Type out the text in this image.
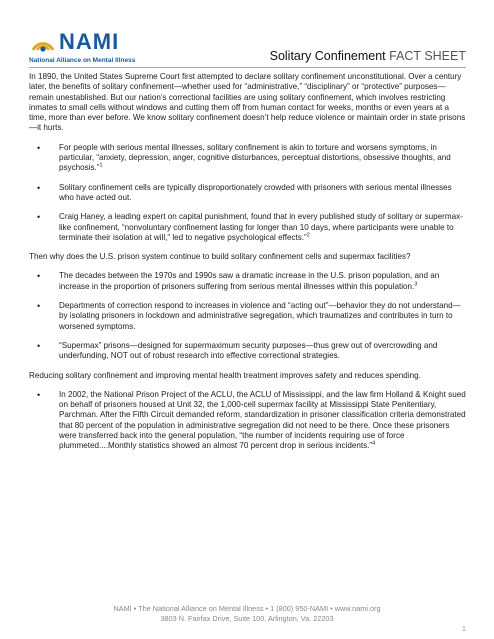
NAMI
National Alliance on Mental Illness	Solitary Confinement FACT SHEET

In 1890, the United States Supreme Court first attempted to declare solitary confinement unconstitutional. Over a century later, the benefits of solitary confinement—whether used for “administrative,” “disciplinary” or “protective” purposes—remain unestablished. But our nation’s correctional facilities are using solitary confinement, which involves restricting inmates to small cells without windows and cutting them off from human contact for weeks, months or even years at a time, more than ever before. We know solitary confinement doesn’t help reduce violence or maintain order in state prisons—it hurts.

• For people with serious mental illnesses, solitary confinement is akin to torture and worsens symptoms, in particular, “anxiety, depression, anger, cognitive disturbances, perceptual distortions, obsessive thoughts, and psychosis.”$^1$
• Solitary confinement cells are typically disproportionately crowded with prisoners with serious mental illnesses who have acted out.
• Craig Haney, a leading expert on capital punishment, found that in every published study of solitary or supermax-like confinement, “nonvoluntary confinement lasting for longer than 10 days, where participants were unable to terminate their isolation at will,” led to negative psychological effects.”$^2$

Then why does the U.S. prison system continue to build solitary confinement cells and supermax facilities?

• The decades between the 1970s and 1990s saw a dramatic increase in the U.S. prison population, and an increase in the proportion of prisoners suffering from serious mental illnesses within this population.$^3$
• Departments of correction respond to increases in violence and “acting out”—behavior they do not understand—by isolating prisoners in lockdown and administrative segregation, which traumatizes and contributes in turn to worsened symptoms.
• “Supermax” prisons—designed for supermaximum security purposes—thus grew out of overcrowding and underfunding, NOT out of robust research into effective correctional strategies.

Reducing solitary confinement and improving mental health treatment improves safety and reduces spending.

• In 2002, the National Prison Project of the ACLU, the ACLU of Mississippi, and the law firm Holland & Knight sued on behalf of prisoners housed at Unit 32, the 1,000-cell supermax facility at Mississippi State Penitentiary, Parchman. After the Fifth Circuit demanded reform, standardization in prisoner classification criteria demonstrated that 80 percent of the population in administrative segregation did not need to be there. Once these prisoners were transferred back into the general population, “the number of incidents requiring use of force plummeted....Monthly statistics showed an almost 70 percent drop in serious incidents.”$^4$
NAMI • The National Alliance on Mental Illness • 1 (800) 950-NAMI • www.nami.org
3803 N. Fairfax Drive, Suite 100, Arlington, Va. 22203
1
